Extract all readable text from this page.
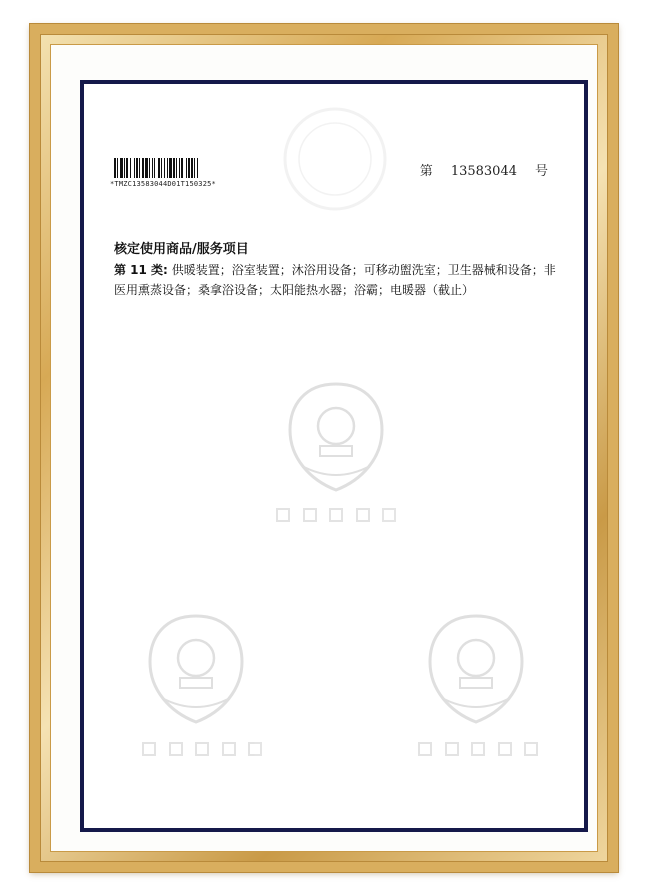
*TMZC13583044D01T150325*
第 13583044 号
核定使用商品/服务项目
第 11 类: 供暖装置；浴室装置；沐浴用设备；可移动盥洗室；卫生器械和设备；非医用熏蒸设备；桑拿浴设备；太阳能热水器；浴霸；电暖器（截止）
